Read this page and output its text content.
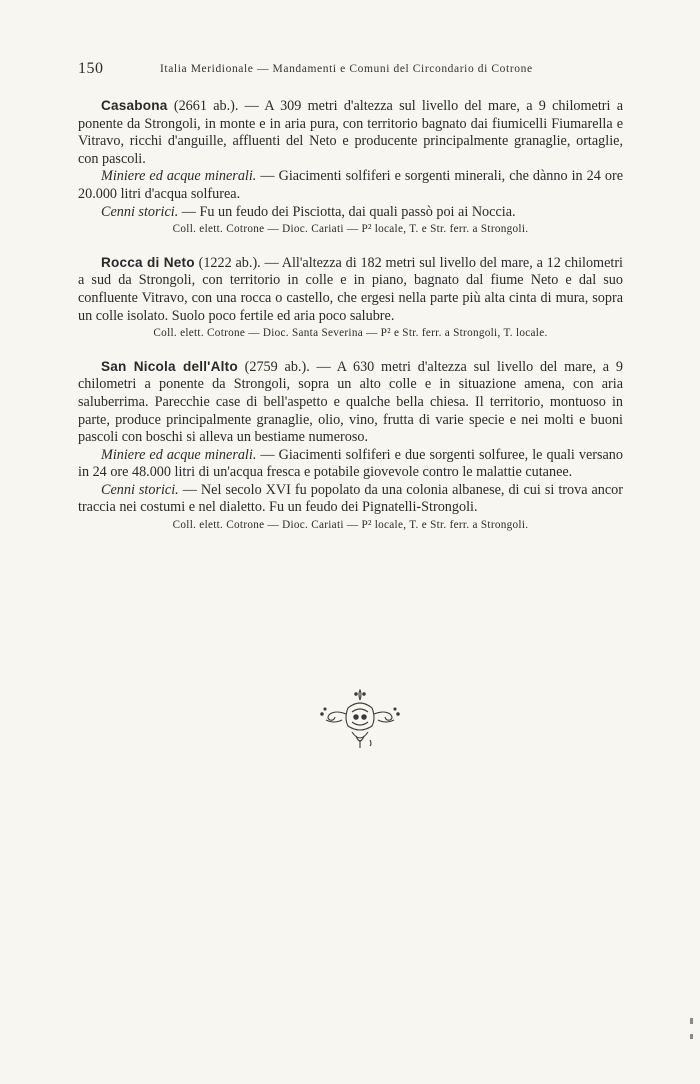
150	Italia Meridionale — Mandamenti e Comuni del Circondario di Cotrone

Casabona (2661 ab.). — A 309 metri d'altezza sul livello del mare, a 9 chilometri a ponente da Strongoli, in monte e in aria pura, con territorio bagnato dai fiumicelli Fiumarella e Vitravo, ricchi d'anguille, affluenti del Neto e producente principalmente granaglie, ortaglie, con pascoli.

Miniere ed acque minerali. — Giacimenti solfiferi e sorgenti minerali, che dànno in 24 ore 20.000 litri d'acqua solfurea.

Cenni storici. — Fu un feudo dei Pisciotta, dai quali passò poi ai Noccia.

Coll. elett. Cotrone — Dioc. Cariati — P² locale, T. e Str. ferr. a Strongoli.

Rocca di Neto (1222 ab.). — All'altezza di 182 metri sul livello del mare, a 12 chilometri a sud da Strongoli, con territorio in colle e in piano, bagnato dal fiume Neto e dal suo confluente Vitravo, con una rocca o castello, che ergesi nella parte più alta cinta di mura, sopra un colle isolato. Suolo poco fertile ed aria poco salubre.

Coll. elett. Cotrone — Dioc. Santa Severina — P² e Str. ferr. a Strongoli, T. locale.

San Nicola dell'Alto (2759 ab.). — A 630 metri d'altezza sul livello del mare, a 9 chilometri a ponente da Strongoli, sopra un alto colle e in situazione amena, con aria saluberrima. Parecchie case di bell'aspetto e qualche bella chiesa. Il territorio, montuoso in parte, produce principalmente granaglie, olio, vino, frutta di varie specie e nei molti e buoni pascoli con boschi si alleva un bestiame numeroso.

Miniere ed acque minerali. — Giacimenti solfiferi e due sorgenti solfuree, le quali versano in 24 ore 48.000 litri di un'acqua fresca e potabile giovevole contro le malattie cutanee.

Cenni storici. — Nel secolo XVI fu popolato da una colonia albanese, di cui si trova ancor traccia nei costumi e nel dialetto. Fu un feudo dei Pignatelli-Strongoli.

Coll. elett. Cotrone — Dioc. Cariati — P² locale, T. e Str. ferr. a Strongoli.
